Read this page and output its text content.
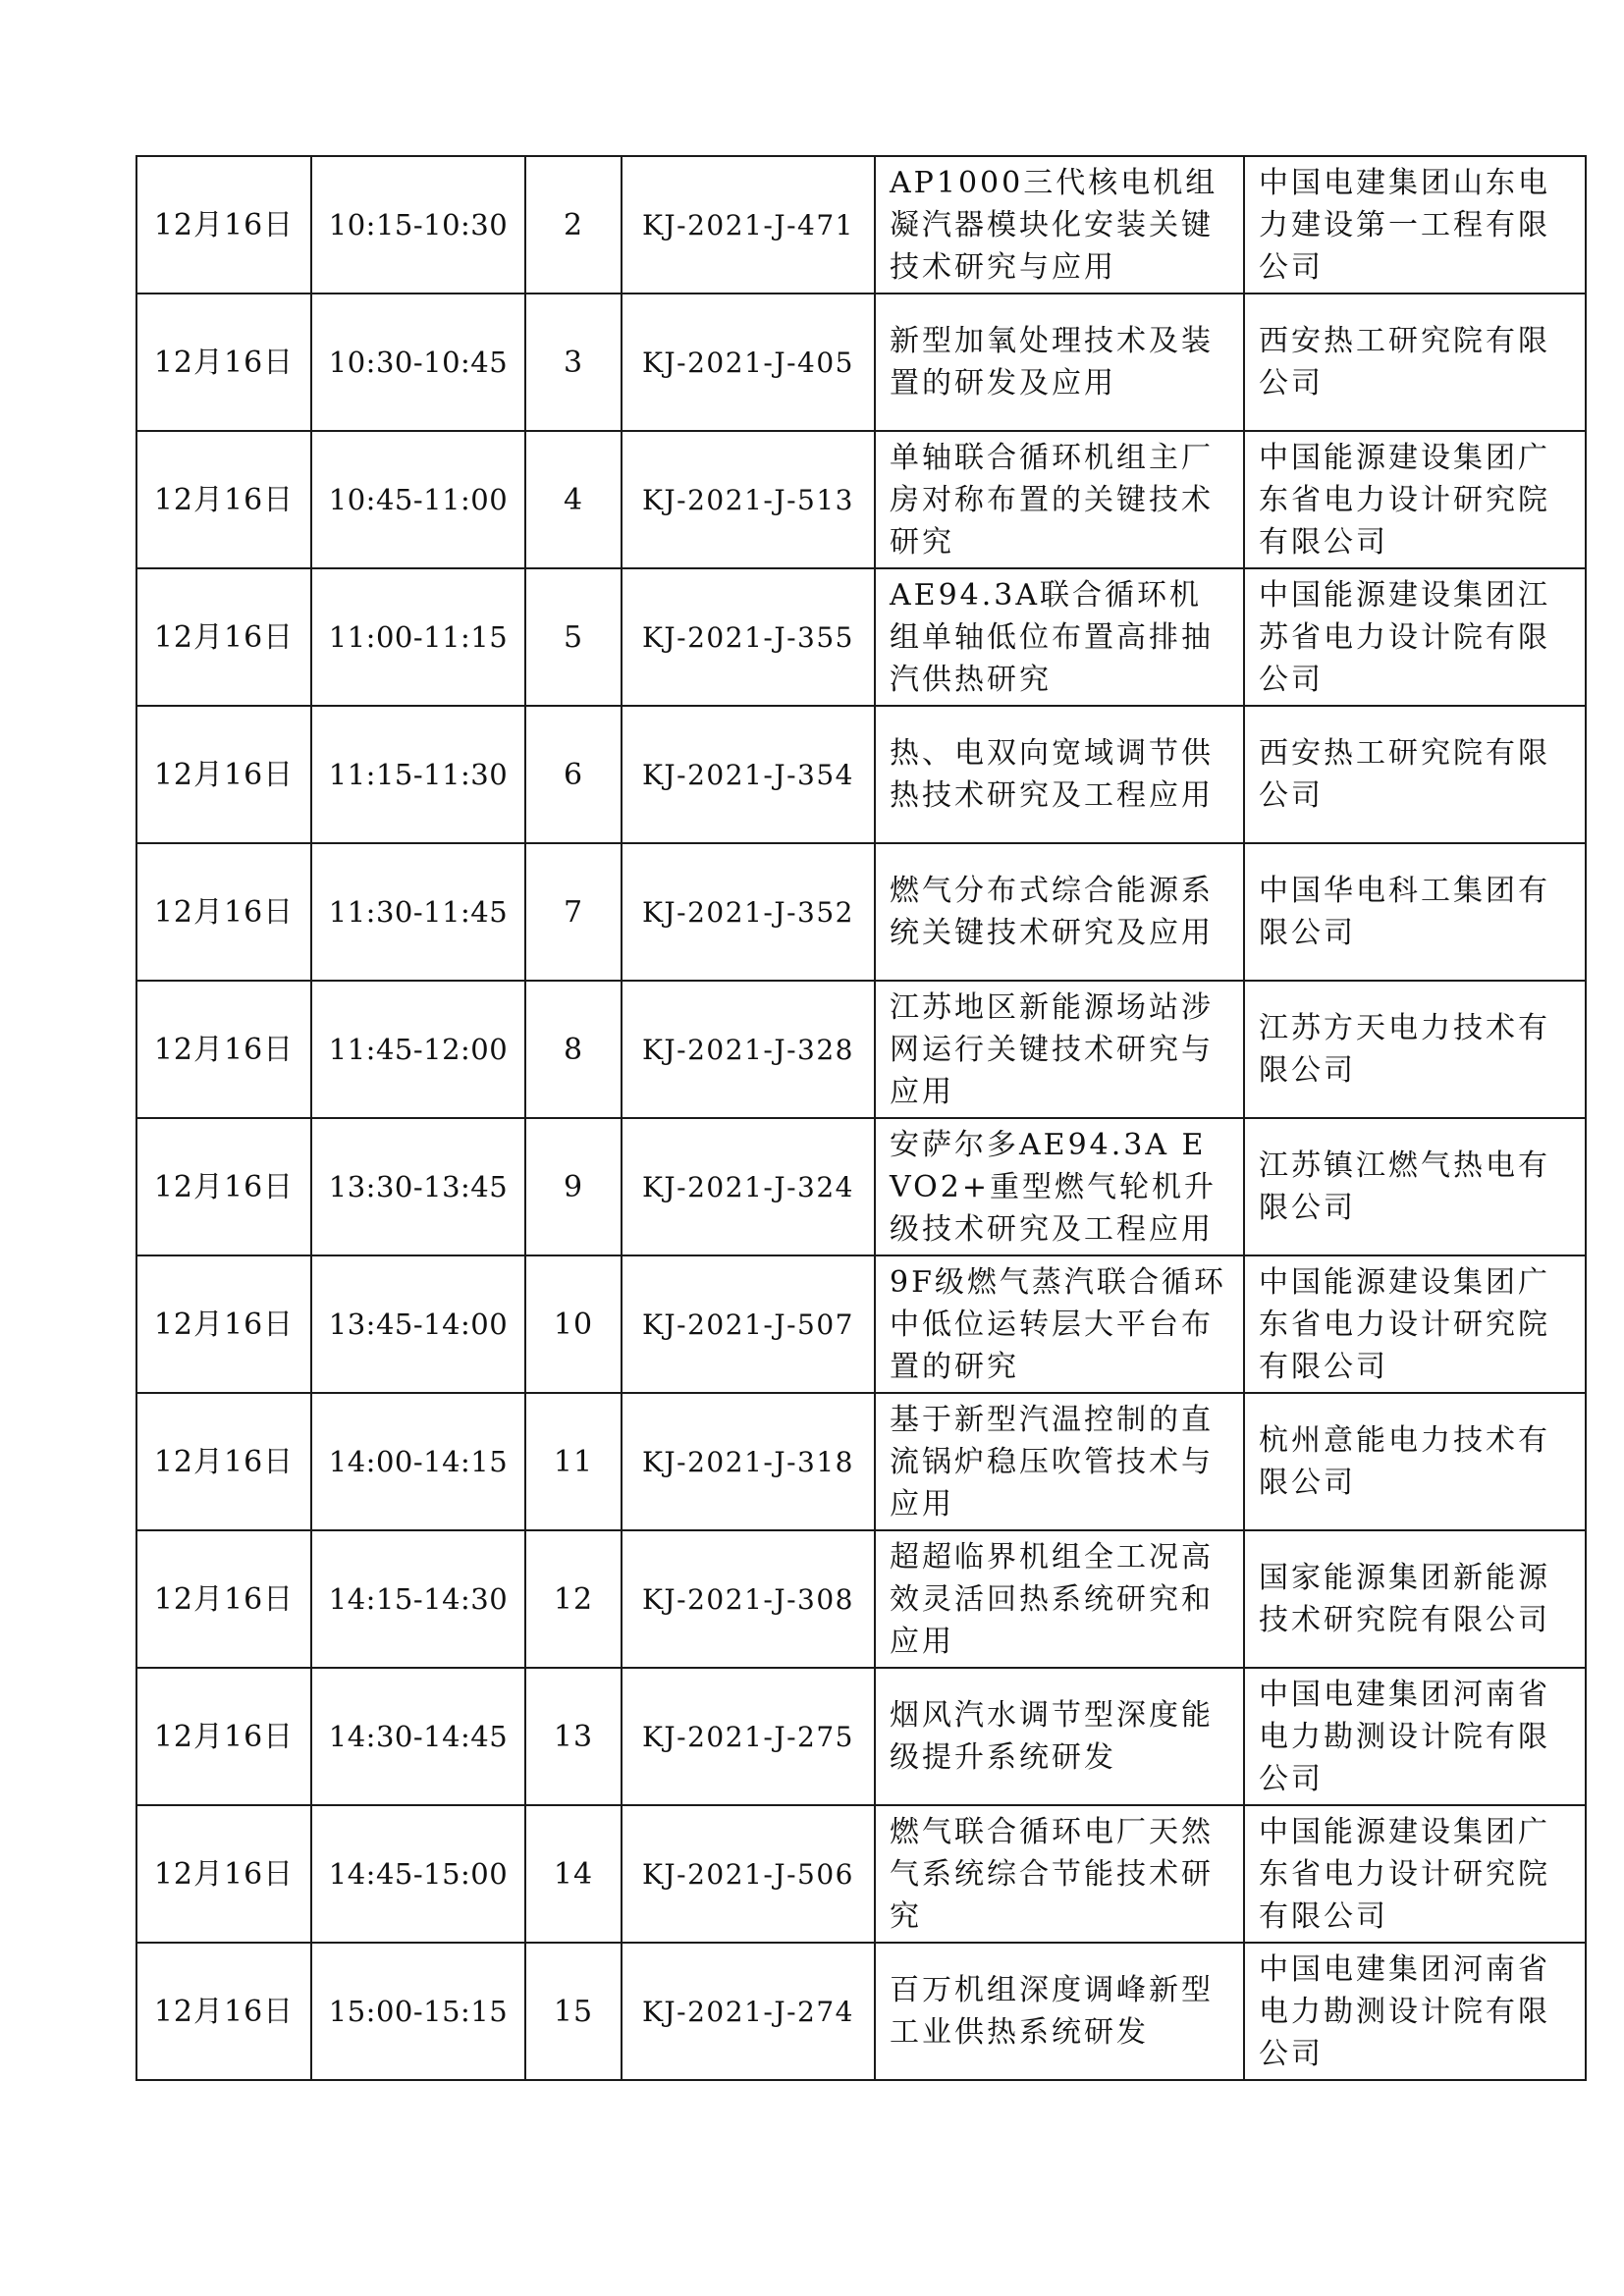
12月16日	10:15-10:30	2	KJ-2021-J-471	AP1000三代核电机组凝汽器模块化安装关键技术研究与应用	中国电建集团山东电力建设第一工程有限公司

12月16日	10:30-10:45	3	KJ-2021-J-405	新型加氧处理技术及装置的研发及应用	西安热工研究院有限公司

12月16日	10:45-11:00	4	KJ-2021-J-513	单轴联合循环机组主厂房对称布置的关键技术研究	中国能源建设集团广东省电力设计研究院有限公司

12月16日	11:00-11:15	5	KJ-2021-J-355	AE94.3A联合循环机组单轴低位布置高排抽汽供热研究	中国能源建设集团江苏省电力设计院有限公司

12月16日	11:15-11:30	6	KJ-2021-J-354	热、电双向宽域调节供热技术研究及工程应用	西安热工研究院有限公司

12月16日	11:30-11:45	7	KJ-2021-J-352	燃气分布式综合能源系统关键技术研究及应用	中国华电科工集团有限公司

12月16日	11:45-12:00	8	KJ-2021-J-328	江苏地区新能源场站涉网运行关键技术研究与应用	江苏方天电力技术有限公司

12月16日	13:30-13:45	9	KJ-2021-J-324	安萨尔多AE94.3A EVO2+重型燃气轮机升级技术研究及工程应用	江苏镇江燃气热电有限公司

12月16日	13:45-14:00	10	KJ-2021-J-507	9F级燃气蒸汽联合循环中低位运转层大平台布置的研究	中国能源建设集团广东省电力设计研究院有限公司

12月16日	14:00-14:15	11	KJ-2021-J-318	基于新型汽温控制的直流锅炉稳压吹管技术与应用	杭州意能电力技术有限公司

12月16日	14:15-14:30	12	KJ-2021-J-308	超超临界机组全工况高效灵活回热系统研究和应用	国家能源集团新能源技术研究院有限公司

12月16日	14:30-14:45	13	KJ-2021-J-275	烟风汽水调节型深度能级提升系统研发	中国电建集团河南省电力勘测设计院有限公司

12月16日	14:45-15:00	14	KJ-2021-J-506	燃气联合循环电厂天然气系统综合节能技术研究	中国能源建设集团广东省电力设计研究院有限公司

12月16日	15:00-15:15	15	KJ-2021-J-274	百万机组深度调峰新型工业供热系统研发	中国电建集团河南省电力勘测设计院有限公司
